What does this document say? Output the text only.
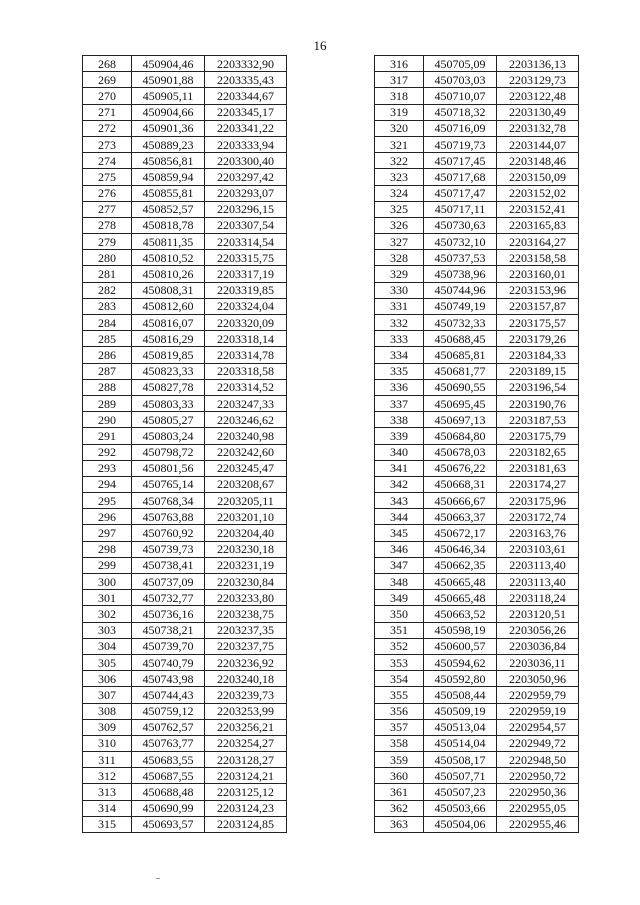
16
268	450904,46	2203332,90
269	450901,88	2203335,43
270	450905,11	2203344,67
271	450904,66	2203345,17
272	450901,36	2203341,22
273	450889,23	2203333,94
274	450856,81	2203300,40
275	450859,94	2203297,42
276	450855,81	2203293,07
277	450852,57	2203296,15
278	450818,78	2203307,54
279	450811,35	2203314,54
280	450810,52	2203315,75
281	450810,26	2203317,19
282	450808,31	2203319,85
283	450812,60	2203324,04
284	450816,07	2203320,09
285	450816,29	2203318,14
286	450819,85	2203314,78
287	450823,33	2203318,58
288	450827,78	2203314,52
289	450803,33	2203247,33
290	450805,27	2203246,62
291	450803,24	2203240,98
292	450798,72	2203242,60
293	450801,56	2203245,47
294	450765,14	2203208,67
295	450768,34	2203205,11
296	450763,88	2203201,10
297	450760,92	2203204,40
298	450739,73	2203230,18
299	450738,41	2203231,19
300	450737,09	2203230,84
301	450732,77	2203233,80
302	450736,16	2203238,75
303	450738,21	2203237,35
304	450739,70	2203237,75
305	450740,79	2203236,92
306	450743,98	2203240,18
307	450744,43	2203239,73
308	450759,12	2203253,99
309	450762,57	2203256,21
310	450763,77	2203254,27
311	450683,55	2203128,27
312	450687,55	2203124,21
313	450688,48	2203125,12
314	450690,99	2203124,23
315	450693,57	2203124,85
316	450705,09	2203136,13
317	450703,03	2203129,73
318	450710,07	2203122,48
319	450718,32	2203130,49
320	450716,09	2203132,78
321	450719,73	2203144,07
322	450717,45	2203148,46
323	450717,68	2203150,09
324	450717,47	2203152,02
325	450717,11	2203152,41
326	450730,63	2203165,83
327	450732,10	2203164,27
328	450737,53	2203158,58
329	450738,96	2203160,01
330	450744,96	2203153,96
331	450749,19	2203157,87
332	450732,33	2203175,57
333	450688,45	2203179,26
334	450685,81	2203184,33
335	450681,77	2203189,15
336	450690,55	2203196,54
337	450695,45	2203190,76
338	450697,13	2203187,53
339	450684,80	2203175,79
340	450678,03	2203182,65
341	450676,22	2203181,63
342	450668,31	2203174,27
343	450666,67	2203175,96
344	450663,37	2203172,74
345	450672,17	2203163,76
346	450646,34	2203103,61
347	450662,35	2203113,40
348	450665,48	2203113,40
349	450665,48	2203118,24
350	450663,52	2203120,51
351	450598,19	2203056,26
352	450600,57	2203036,84
353	450594,62	2203036,11
354	450592,80	2203050,96
355	450508,44	2202959,79
356	450509,19	2202959,19
357	450513,04	2202954,57
358	450514,04	2202949,72
359	450508,17	2202948,50
360	450507,71	2202950,72
361	450507,23	2202950,36
362	450503,66	2202955,05
363	450504,06	2202955,46
